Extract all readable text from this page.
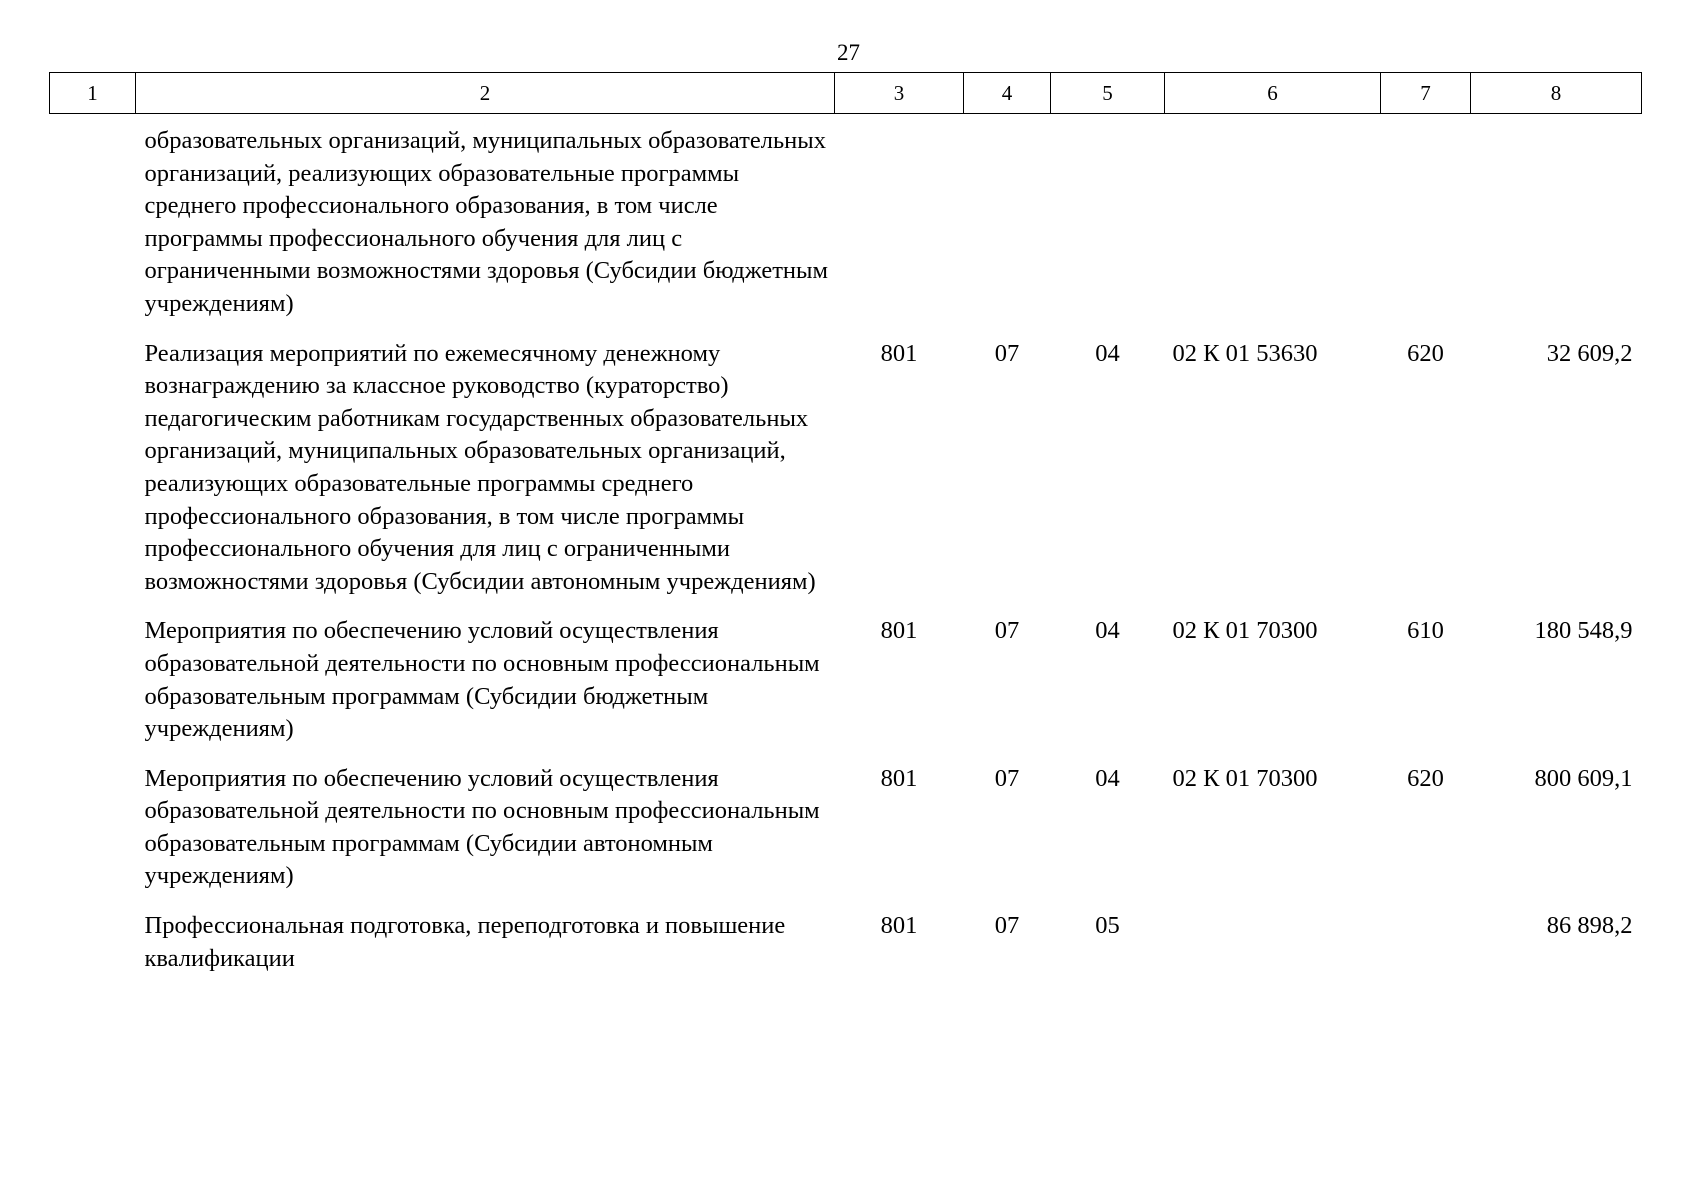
27
1	2	3	4	5	6	7	8
	образовательных организаций, муниципальных образовательных организаций, реализующих образовательные программы среднего профессионального образования, в том числе программы профессионального обучения для лиц с ограниченными возможностями здоровья (Субсидии бюджетным учреждениям)						
	Реализация мероприятий по ежемесячному денежному вознаграждению за классное руководство (кураторство) педагогическим работникам государственных образовательных организаций, муниципальных образовательных организаций, реализующих образовательные программы среднего профессионального образования, в том числе программы профессионального обучения для лиц с ограниченными возможностями здоровья (Субсидии автономным учреждениям)	801	07	04	02 К 01 53630	620	32 609,2
	Мероприятия по обеспечению условий осуществления образовательной деятельности по основным профессиональным образовательным программам (Субсидии бюджетным учреждениям)	801	07	04	02 К 01 70300	610	180 548,9
	Мероприятия по обеспечению условий осуществления образовательной деятельности по основным профессиональным образовательным программам (Субсидии автономным учреждениям)	801	07	04	02 К 01 70300	620	800 609,1
	Профессиональная подготовка, переподготовка и повышение квалификации	801	07	05			86 898,2
